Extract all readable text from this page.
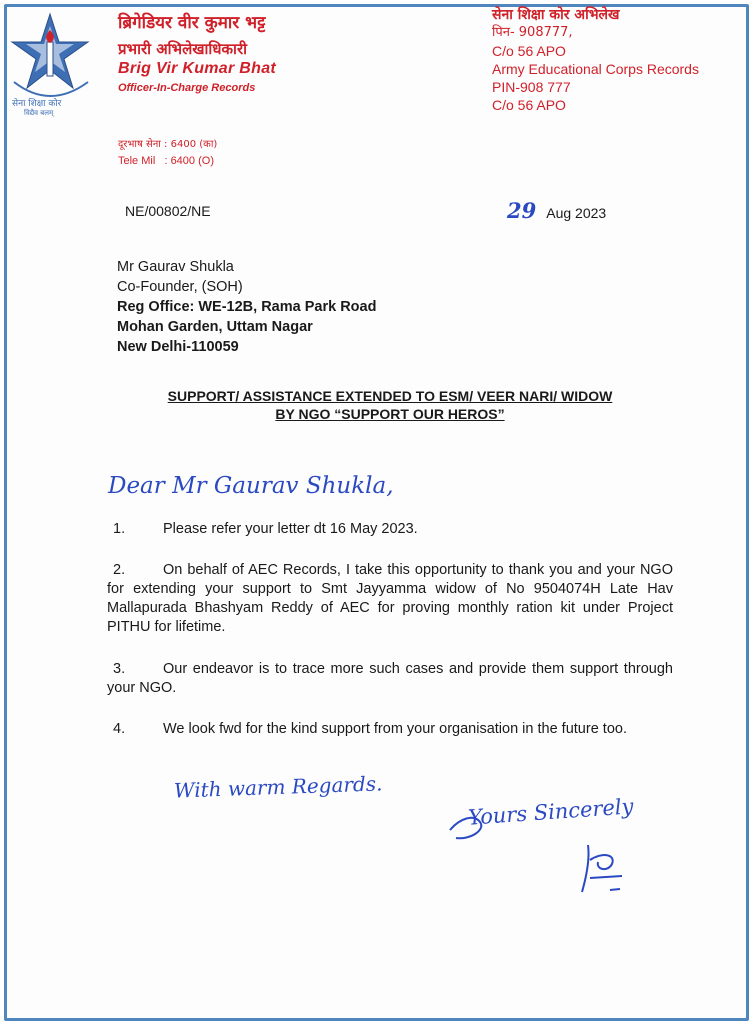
सेना शिक्षा कोर
विद्यैव बलम्
ब्रिगेडियर वीर कुमार भट्ट
प्रभारी अभिलेखाधिकारी
Brig Vir Kumar Bhat
Officer-In-Charge Records
सेना शिक्षा कोर अभिलेख
पिन- 908777,
C/o 56 APO
Army Educational Corps Records
PIN-908 777
C/o 56 APO
दूरभाष सेना : 6400 (का)
Tele Mil   : 6400 (O)
NE/00802/NE	29 Aug 2023
Mr Gaurav Shukla
Co-Founder, (SOH)
Reg Office: WE-12B, Rama Park Road
Mohan Garden, Uttam Nagar
New Delhi-110059
SUPPORT/ ASSISTANCE EXTENDED TO ESM/ VEER NARI/ WIDOW
BY NGO “SUPPORT OUR HEROS”
Dear Mr Gaurav Shukla,
1.	Please refer your letter dt 16 May 2023.
2.	On behalf of AEC Records, I take this opportunity to thank you and your NGO for extending your support to Smt Jayyamma widow of No 9504074H Late Hav Mallapurada Bhashyam Reddy of AEC for proving monthly ration kit under Project PITHU for lifetime.
3.	Our endeavor is to trace more such cases and provide them support through your NGO.
4.	We look fwd for the kind support from your organisation in the future too.
With warm Regards.
Yours Sincerely
